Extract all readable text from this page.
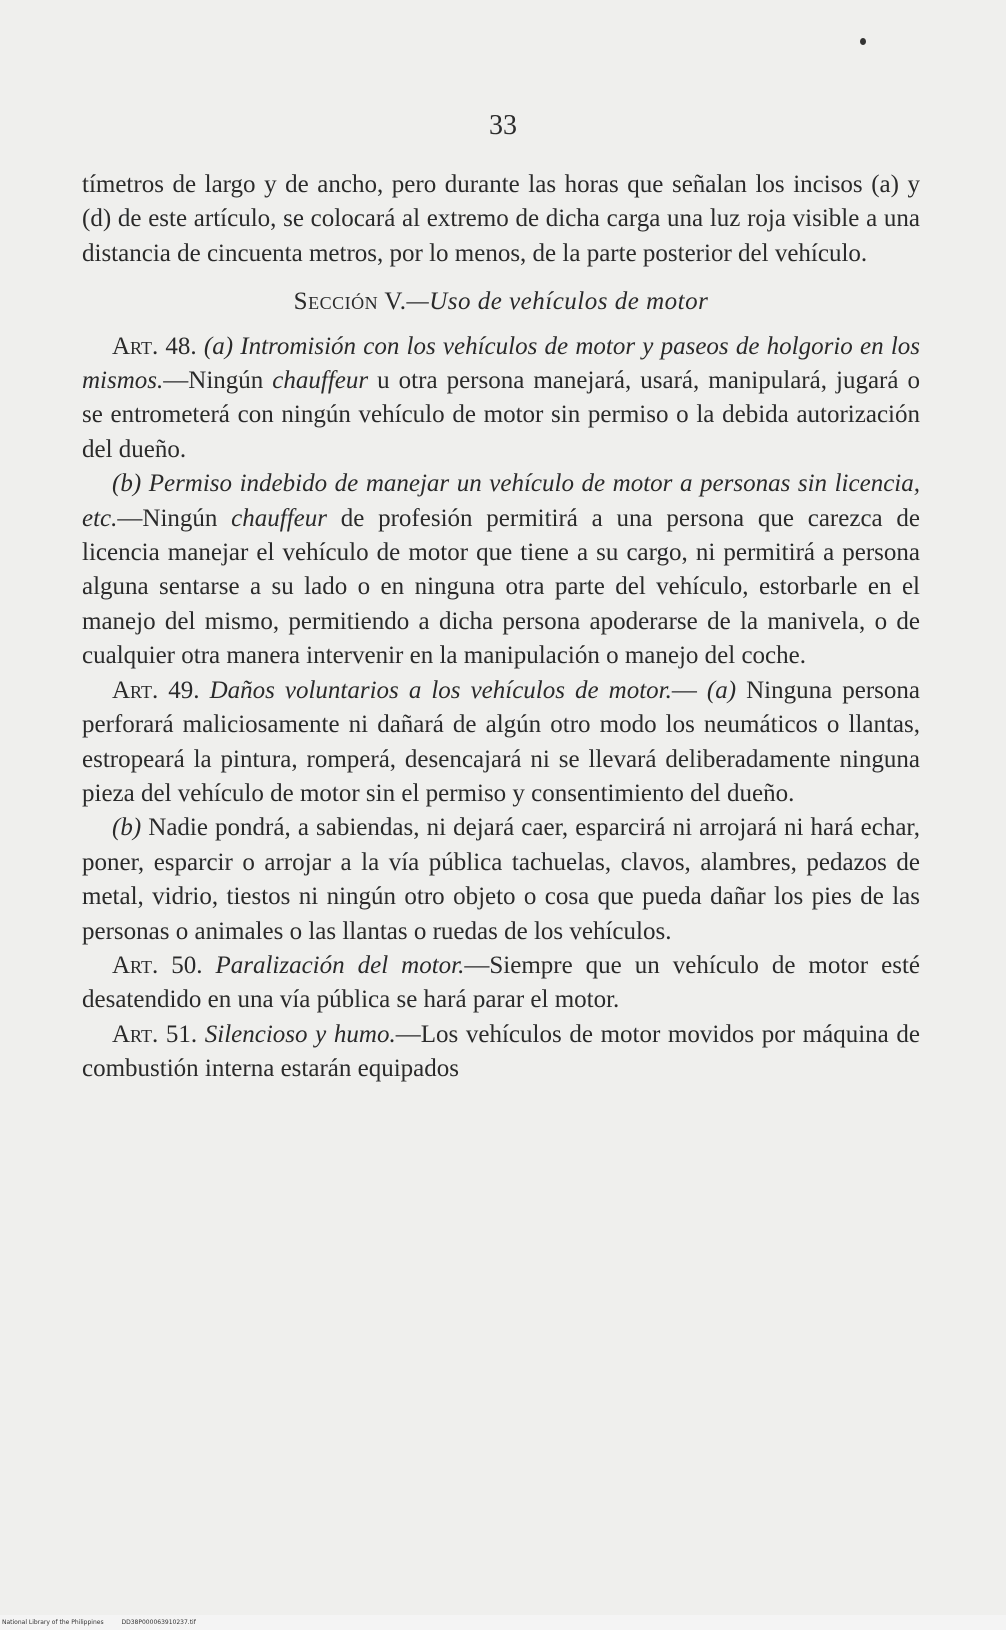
33

tímetros de largo y de ancho, pero durante las horas que señalan los incisos (a) y (d) de este artículo, se colocará al extremo de dicha carga una luz roja visible a una distancia de cincuenta metros, por lo menos, de la parte posterior del vehículo.

Sección V.—Uso de vehículos de motor

Art. 48. (a) Intromisión con los vehículos de motor y paseos de holgorio en los mismos.—Ningún chauffeur u otra persona manejará, usará, manipulará, jugará o se entrometerá con ningún vehículo de motor sin permiso o la debida autorización del dueño.

(b) Permiso indebido de manejar un vehículo de motor a personas sin licencia, etc.—Ningún chauffeur de profesión permitirá a una persona que carezca de licencia manejar el vehículo de motor que tiene a su cargo, ni permitirá a persona alguna sentarse a su lado o en ninguna otra parte del vehículo, estorbarle en el manejo del mismo, permitiendo a dicha persona apoderarse de la manivela, o de cualquier otra manera intervenir en la manipulación o manejo del coche.

Art. 49. Daños voluntarios a los vehículos de motor.— (a) Ninguna persona perforará maliciosamente ni dañará de algún otro modo los neumáticos o llantas, estropeará la pintura, romperá, desencajará ni se llevará deliberadamente ninguna pieza del vehículo de motor sin el permiso y consentimiento del dueño.

(b) Nadie pondrá, a sabiendas, ni dejará caer, esparcirá ni arrojará ni hará echar, poner, esparcir o arrojar a la vía pública tachuelas, clavos, alambres, pedazos de metal, vidrio, tiestos ni ningún otro objeto o cosa que pueda dañar los pies de las personas o animales o las llantas o ruedas de los vehículos.

Art. 50. Paralización del motor.—Siempre que un vehículo de motor esté desatendido en una vía pública se hará parar el motor.

Art. 51. Silencioso y humo.—Los vehículos de motor movidos por máquina de combustión interna estarán equipados

National Library of the Philippines	DD38P000063910237.tif
